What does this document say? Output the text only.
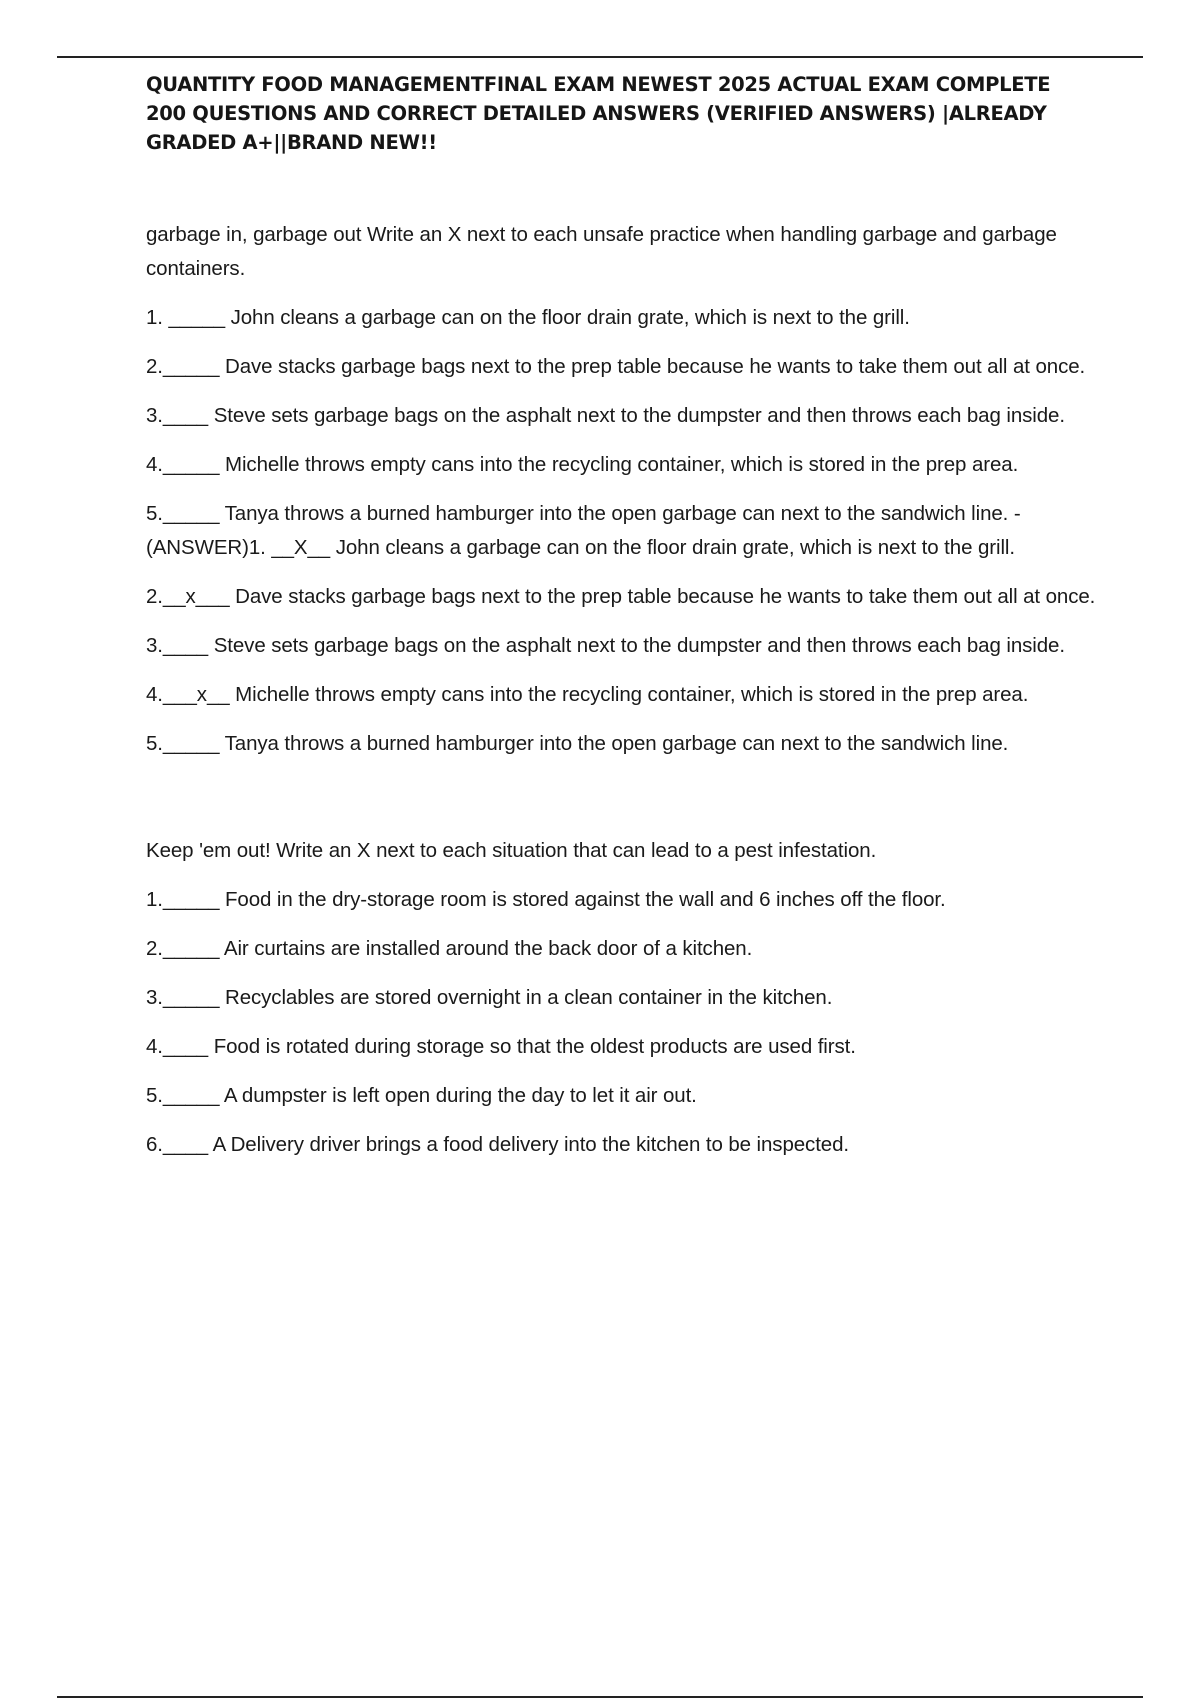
QUANTITY FOOD MANAGEMENTFINAL EXAM NEWEST 2025 ACTUAL EXAM COMPLETE 200 QUESTIONS AND CORRECT DETAILED ANSWERS (VERIFIED ANSWERS) |ALREADY GRADED A+||BRAND NEW!!

garbage in, garbage out Write an X next to each unsafe practice when handling garbage and garbage containers.

1. _____ John cleans a garbage can on the floor drain grate, which is next to the grill.

2._____ Dave stacks garbage bags next to the prep table because he wants to take them out all at once.

3.____ Steve sets garbage bags on the asphalt next to the dumpster and then throws each bag inside.

4._____ Michelle throws empty cans into the recycling container, which is stored in the prep area.

5._____ Tanya throws a burned hamburger into the open garbage can next to the sandwich line. - (ANSWER)1. __X__ John cleans a garbage can on the floor drain grate, which is next to the grill.

2.__x___ Dave stacks garbage bags next to the prep table because he wants to take them out all at once.

3.____ Steve sets garbage bags on the asphalt next to the dumpster and then throws each bag inside.

4.___x__ Michelle throws empty cans into the recycling container, which is stored in the prep area.

5._____ Tanya throws a burned hamburger into the open garbage can next to the sandwich line.

Keep 'em out! Write an X next to each situation that can lead to a pest infestation.

1._____ Food in the dry-storage room is stored against the wall and 6 inches off the floor.

2._____ Air curtains are installed around the back door of a kitchen.

3._____ Recyclables are stored overnight in a clean container in the kitchen.

4.____ Food is rotated during storage so that the oldest products are used first.

5._____ A dumpster is left open during the day to let it air out.

6.____ A Delivery driver brings a food delivery into the kitchen to be inspected.
